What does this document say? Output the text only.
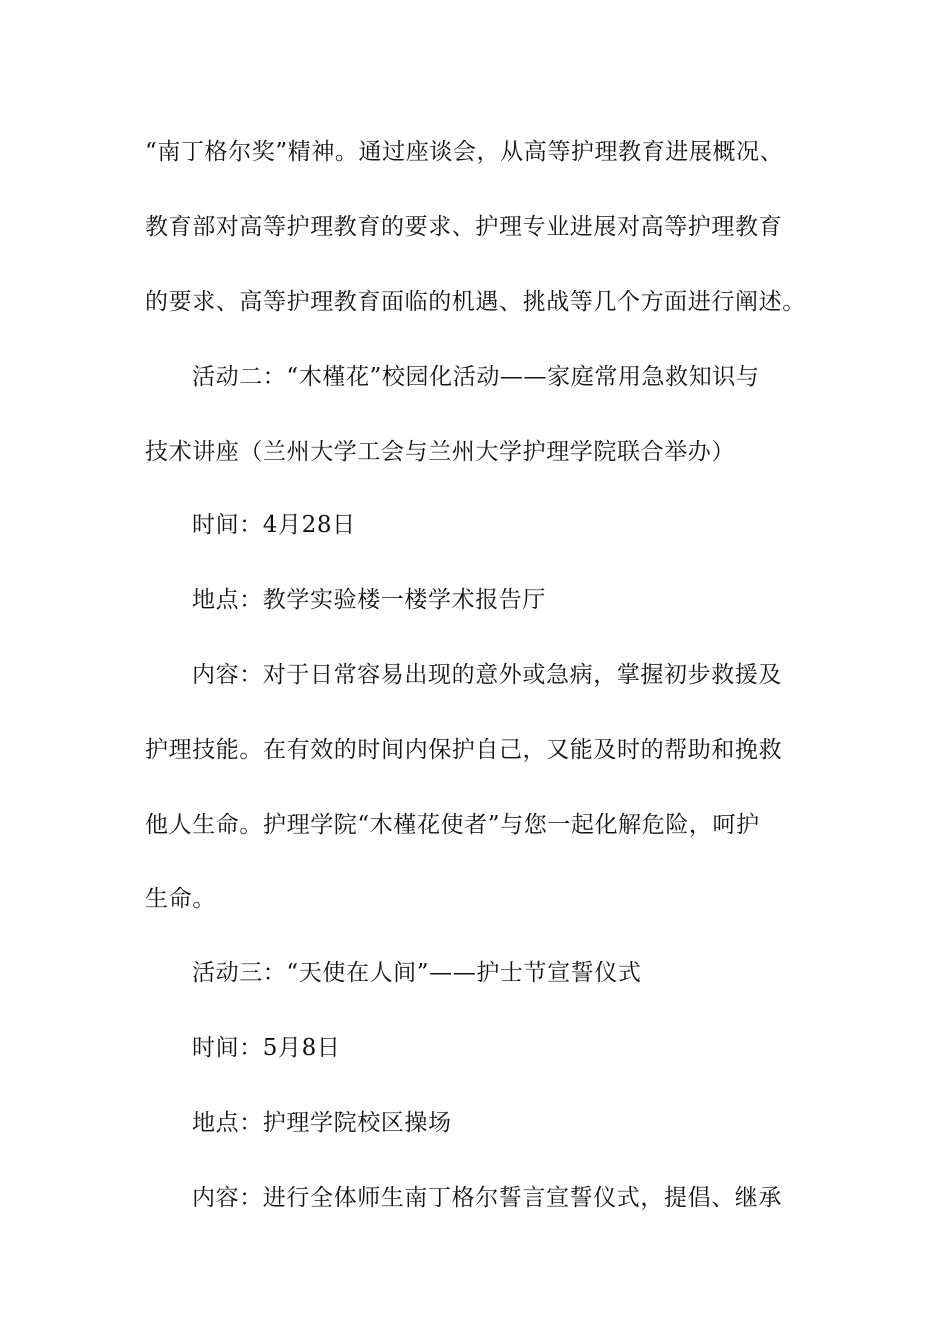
“南丁格尔奖”精神。通过座谈会，从高等护理教育进展概况、
教育部对高等护理教育的要求、护理专业进展对高等护理教育
的要求、高等护理教育面临的机遇、挑战等几个方面进行阐述。
活动二：“木槿花”校园化活动——家庭常用急救知识与
技术讲座（兰州大学工会与兰州大学护理学院联合举办）
时间：4月28日
地点：教学实验楼一楼学术报告厅
内容：对于日常容易出现的意外或急病，掌握初步救援及
护理技能。在有效的时间内保护自己，又能及时的帮助和挽救
他人生命。护理学院“木槿花使者”与您一起化解危险，呵护
生命。
活动三：“天使在人间”——护士节宣誓仪式
时间：5月8日
地点：护理学院校区操场
内容：进行全体师生南丁格尔誓言宣誓仪式，提倡、继承
